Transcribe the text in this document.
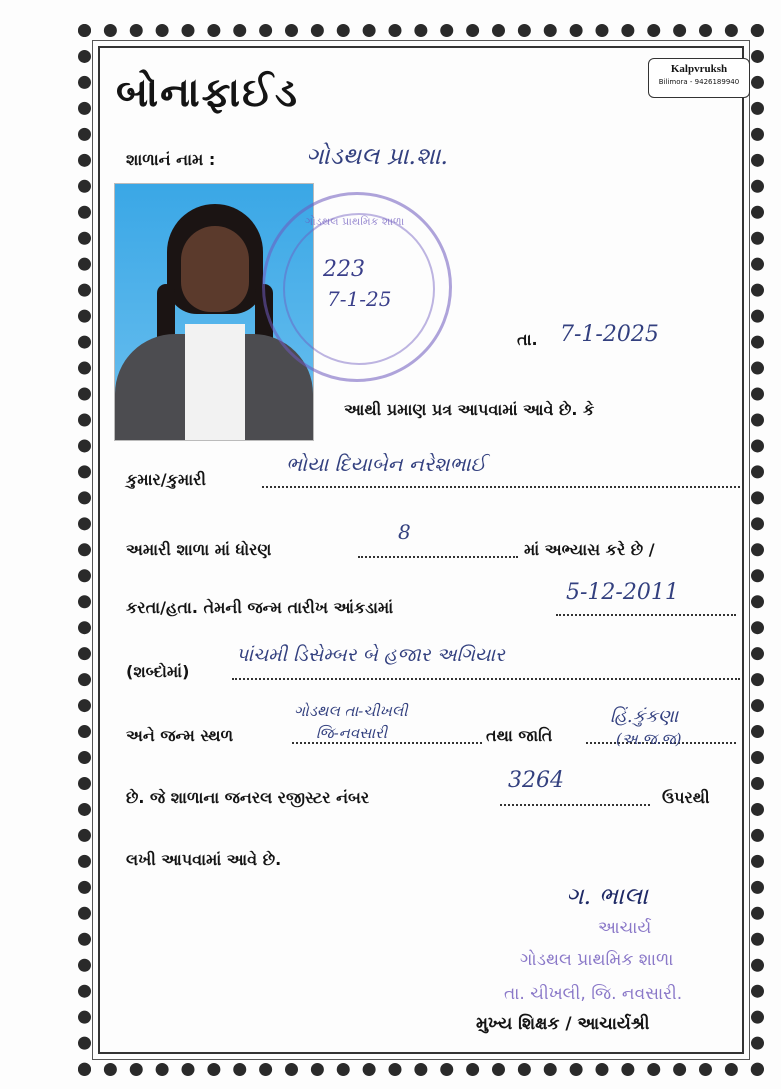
બોનાફાઈડ
Kalpvruksh
Bilimora - 9426189940
શાળાનં નામ :	ગોડથલ પ્રા.શા.
ગોડથલ પ્રાથમિક શાળા
223
7-1-25
તા. 7-1-2025
આથી પ્રમાણ પ્રત્ર આપવામાં આવે છે. કે
કુમાર/કુમારી
ભોયા દિયાબેન નરેશભાઈ
અમારી શાળા માં ધોરણ
8
માં અભ્યાસ કરે છે /
કરતા/હતા. તેમની જન્મ તારીખ આંકડામાં
5-12-2011
(શબ્દોમાં)
પાંચમી ડિસેમ્બર બે હજાર અગિયાર
અને જન્મ સ્થળ
ગોડથલ તા-ચીખલી
જિ-નવસારી	તથા જાતિ
હિં.કુંકણા
(અ.જ.જ)
છે. જે શાળાના જનરલ રજીસ્ટર નંબર
3264
ઉપરથી
લખી આપવામાં આવે છે.
ગ. ભાલા
આચાર્ય
ગોડથલ પ્રાથમિક શાળા
તા. ચીખલી, જિ. નવસારી.
મુખ્ય શિક્ષક / આચાર્યશ્રી
